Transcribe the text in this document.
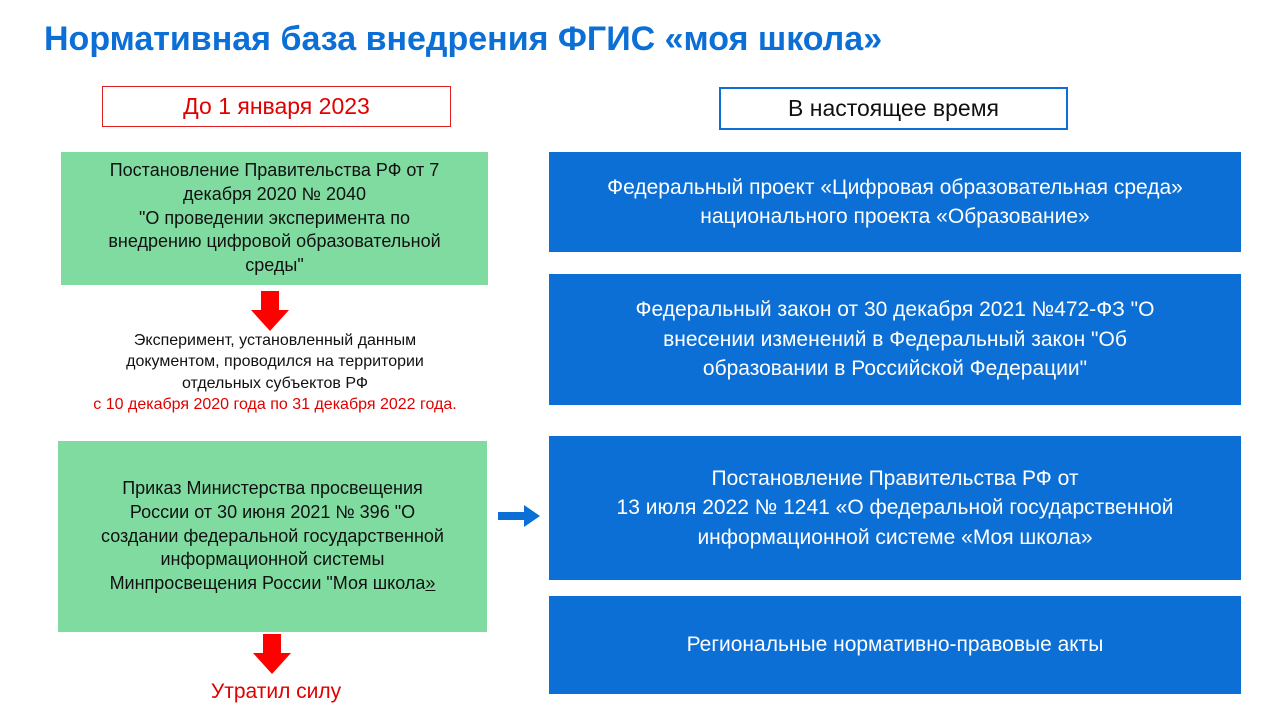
Нормативная база внедрения ФГИС «моя школа»
До 1 января 2023	В настоящее время
Постановление Правительства РФ от 7
декабря 2020 № 2040
"О проведении эксперимента по
внедрению цифровой образовательной
среды"
Эксперимент, установленный данным
документом, проводился на территории
отдельных субъектов РФ
с 10 декабря 2020 года по 31 декабря 2022 года.
Приказ Министерства просвещения
России от 30 июня 2021 № 396 "О
создании федеральной государственной
информационной системы
Минпросвещения России "Моя школа»
Утратил силу
Федеральный проект «Цифровая образовательная среда»
национального проекта «Образование»
Федеральный закон от 30 декабря 2021 №472-ФЗ "О
внесении изменений в Федеральный закон "Об
образовании в Российской Федерации"
Постановление Правительства РФ от
13 июля 2022 № 1241 «О федеральной государственной
информационной системе «Моя школа»
Региональные нормативно-правовые акты
